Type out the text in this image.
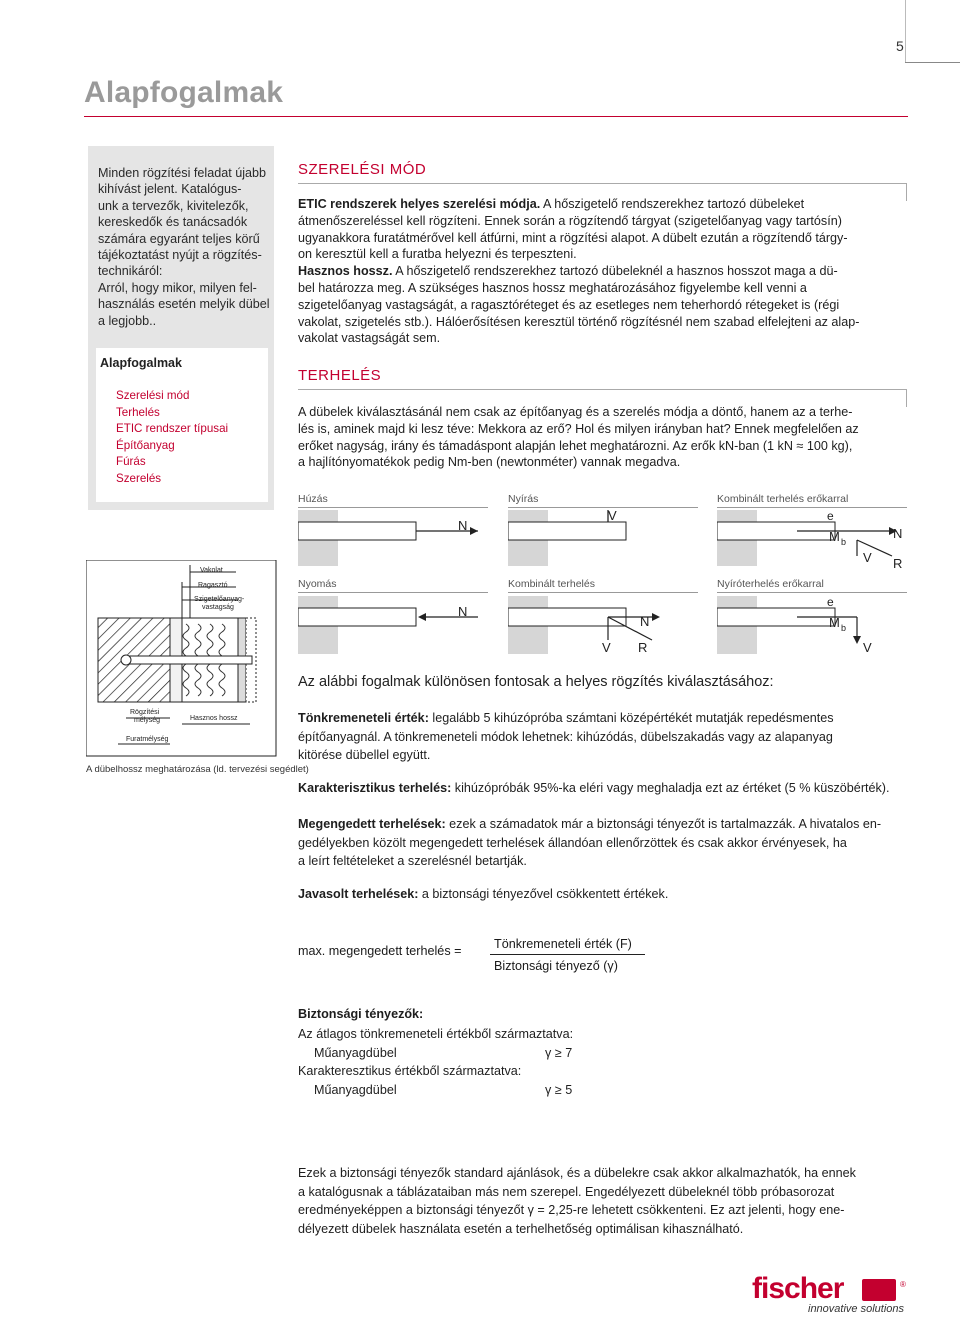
5
Alapfogalmak
Minden rögzítési feladat újabb
kihívást jelent. Katalógus-
unk a tervezők, kivitelezők,
kereskedők és tanácsadók
számára egyaránt teljes körű
tájékoztatást nyújt a rögzítés-
technikáról:
Arról, hogy mikor, milyen fel-
használás esetén melyik dübel
a legjobb..
Alapfogalmak
Szerelési mód
Terhelés
ETIC rendszer típusai
Építőanyag
Fúrás
Szerelés
Vakolat
Ragasztó
Szigetelőanyag-
vastagság
Rögzítési
mélység	Hasznos hossz
Furatmélység
A dübelhossz meghatározása (ld. tervezési segédlet)
SZERELÉSI MÓD
ETIC rendszerek helyes szerelési módja. A hőszigetelő rendszerekhez tartozó dübeleket
átmenőszereléssel kell rögzíteni. Ennek során a rögzítendő tárgyat (szigetelőanyag vagy tartósín)
ugyanakkora furatátmérővel kell átfúrni, mint a rögzítési alapot. A dübelt ezután a rögzítendő tárgy-
on keresztül kell a furatba helyezni és terpeszteni.
Hasznos hossz. A hőszigetelő rendszerekhez tartozó dübeleknél a hasznos hosszot maga a dü-
bel határozza meg. A szükséges hasznos hossz meghatározásához figyelembe kell venni a
szigetelőanyag vastagságát, a ragasztóréteget és az esetleges nem teherhordó rétegeket is (régi
vakolat, szigetelés stb.). Hálóerősítésen keresztül történő rögzítésnél nem szabad elfelejteni az alap-
vakolat vastagságát sem.
TERHELÉS
A dübelek kiválasztásánál nem csak az építőanyag és a szerelés módja a döntő, hanem az a terhe-
lés is, aminek majd ki lesz téve: Mekkora az erő? Hol és milyen irányban hat? Ennek megfelelően az
erőket nagyság, irány és támadáspont alapján lehet meghatározni. Az erők kN-ban (1 kN ≈ 100 kg),
a hajlítónyomatékok pedig Nm-ben (newtonméter) vannak megadva.
Húzás	Nyírás	Kombinált terhelés erőkarral
N
V	e
M b
N
V R
Nyomás	Kombinált terhelés	Nyíróterhelés erőkarral
N
N
V R
e
M b
V
Az alábbi fogalmak különösen fontosak a helyes rögzítés kiválasztásához:
Tönkremeneteli érték: legalább 5 kihúzópróba számtani középértékét mutatják repedésmentes
építőanyagnál. A tönkremeneteli módok lehetnek: kihúzódás, dübelszakadás vagy az alapanyag
kitörése dübellel együtt.
Karakterisztikus terhelés: kihúzópróbák 95%-ka eléri vagy meghaladja ezt az értéket (5 % küszöbérték).
Megengedett terhelések: ezek a számadatok már a biztonsági tényezőt is tartalmazzák. A hivatalos en-
gedélyekben közölt megengedett terhelések állandóan ellenőrzöttek és csak akkor érvényesek, ha
a leírt feltételeket a szerelésnél betartják.
Javasolt terhelések: a biztonsági tényezővel csökkentett értékek.
max. megengedett terhelés =	Tönkremeneteli érték (F)
Biztonsági tényező (γ)
Biztonsági tényezők:
Az átlagos tönkremeneteli értékből származtatva:
Műanyagdübel	γ ≥ 7
Karakteresztikus értékből származtatva:
Műanyagdübel	γ ≥ 5
Ezek a biztonsági tényezők standard ajánlások, és a dübelekre csak akkor alkalmazhatók, ha ennek
a katalógusnak a táblázataiban más nem szerepel. Engedélyezett dübeleknél több próbasorozat
eredményeképpen a biztonsági tényezőt γ = 2,25-re lehetett csökkenteni. Ez azt jelenti, hogy ene-
délyezett dübelek használata esetén a terhelhetőség optimálisan kihasználható.
fischer	®
innovative solutions
